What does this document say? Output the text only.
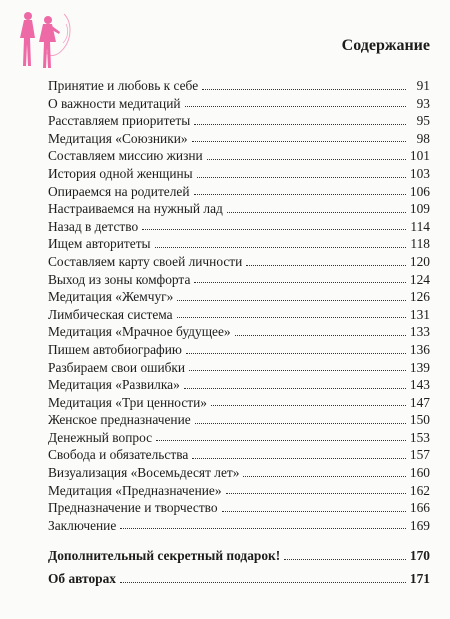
Содержание
Принятие и любовь к себе	91
О важности медитаций	93
Расставляем приоритеты	95
Медитация «Союзники»	98
Составляем миссию жизни	101
История одной женщины	103
Опираемся на родителей	106
Настраиваемся на нужный лад	109
Назад в детство	114
Ищем авторитеты	118
Составляем карту своей личности	120
Выход из зоны комфорта	124
Медитация «Жемчуг»	126
Лимбическая система	131
Медитация «Мрачное будущее»	133
Пишем автобиографию	136
Разбираем свои ошибки	139
Медитация «Развилка»	143
Медитация «Три ценности»	147
Женское предназначение	150
Денежный вопрос	153
Свобода и обязательства	157
Визуализация «Восемьдесят лет»	160
Медитация «Предназначение»	162
Предназначение и творчество	166
Заключение	169
Дополнительный секретный подарок!	170
Об авторах	171
